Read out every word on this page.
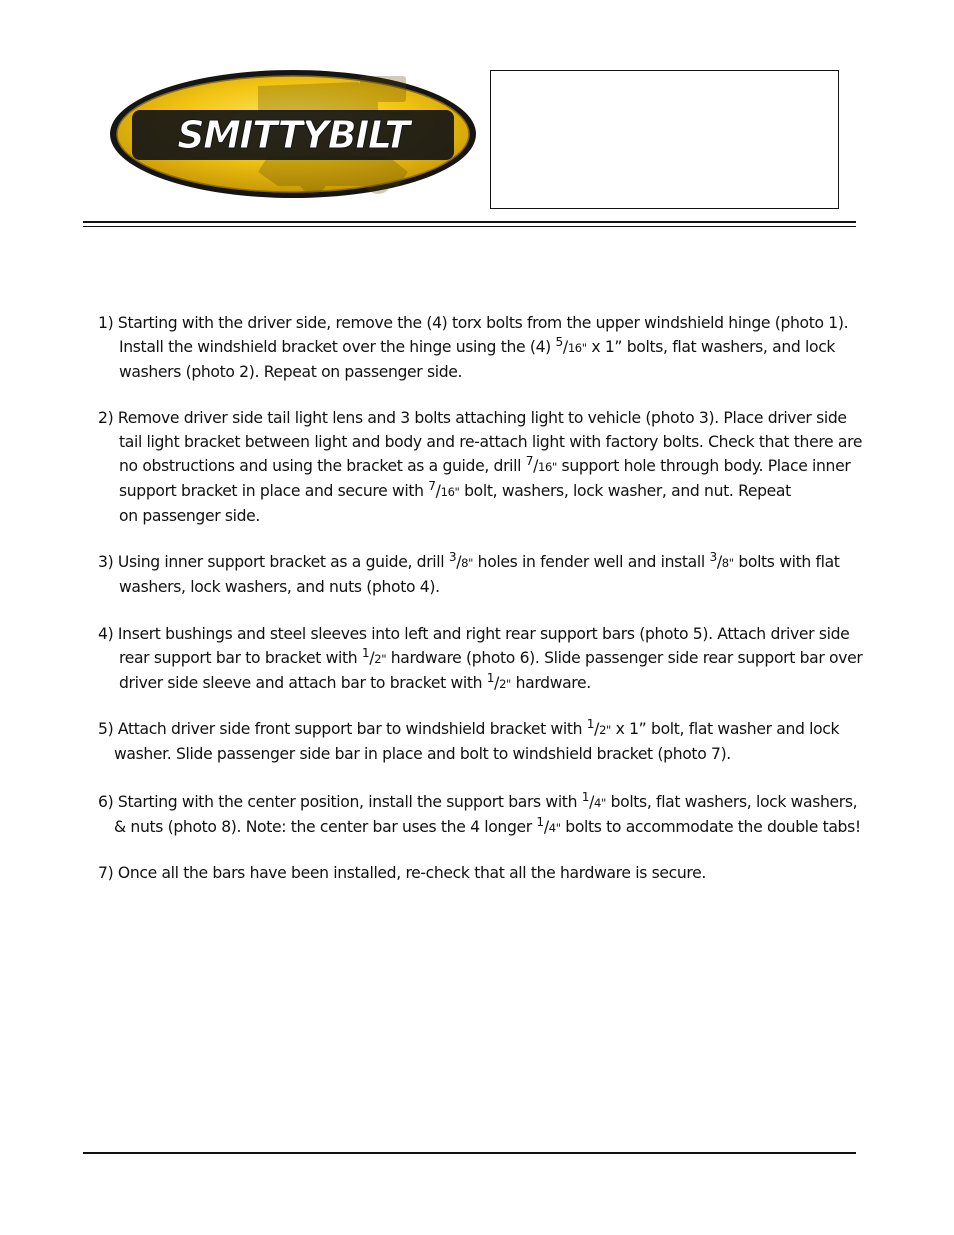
SMITTYBILT
1) Starting with the driver side, remove the (4) torx bolts from the upper windshield hinge (photo 1).
Install the windshield bracket over the hinge using the (4) $^5$/16" x 1” bolts, flat washers, and lock
washers (photo 2). Repeat on passenger side.
2) Remove driver side tail light lens and 3 bolts attaching light to vehicle (photo 3). Place driver side
tail light bracket between light and body and re-attach light with factory bolts. Check that there are
no obstructions and using the bracket as a guide, drill $^7$/16" support hole through body. Place inner
support bracket in place and secure with $^7$/16" bolt, washers, lock washer, and nut. Repeat
on passenger side.
3) Using inner support bracket as a guide, drill $^3$/8" holes in fender well and install $^3$/8" bolts with flat
washers, lock washers, and nuts (photo 4).
4) Insert bushings and steel sleeves into left and right rear support bars (photo 5). Attach driver side
rear support bar to bracket with $^1$/2" hardware (photo 6). Slide passenger side rear support bar over
driver side sleeve and attach bar to bracket with $^1$/2" hardware.
5) Attach driver side front support bar to windshield bracket with $^1$/2" x 1” bolt, flat washer and lock
washer. Slide passenger side bar in place and bolt to windshield bracket (photo 7).
6) Starting with the center position, install the support bars with $^1$/4" bolts, flat washers, lock washers,
& nuts (photo 8). Note: the center bar uses the 4 longer $^1$/4" bolts to accommodate the double tabs!
7) Once all the bars have been installed, re-check that all the hardware is secure.
